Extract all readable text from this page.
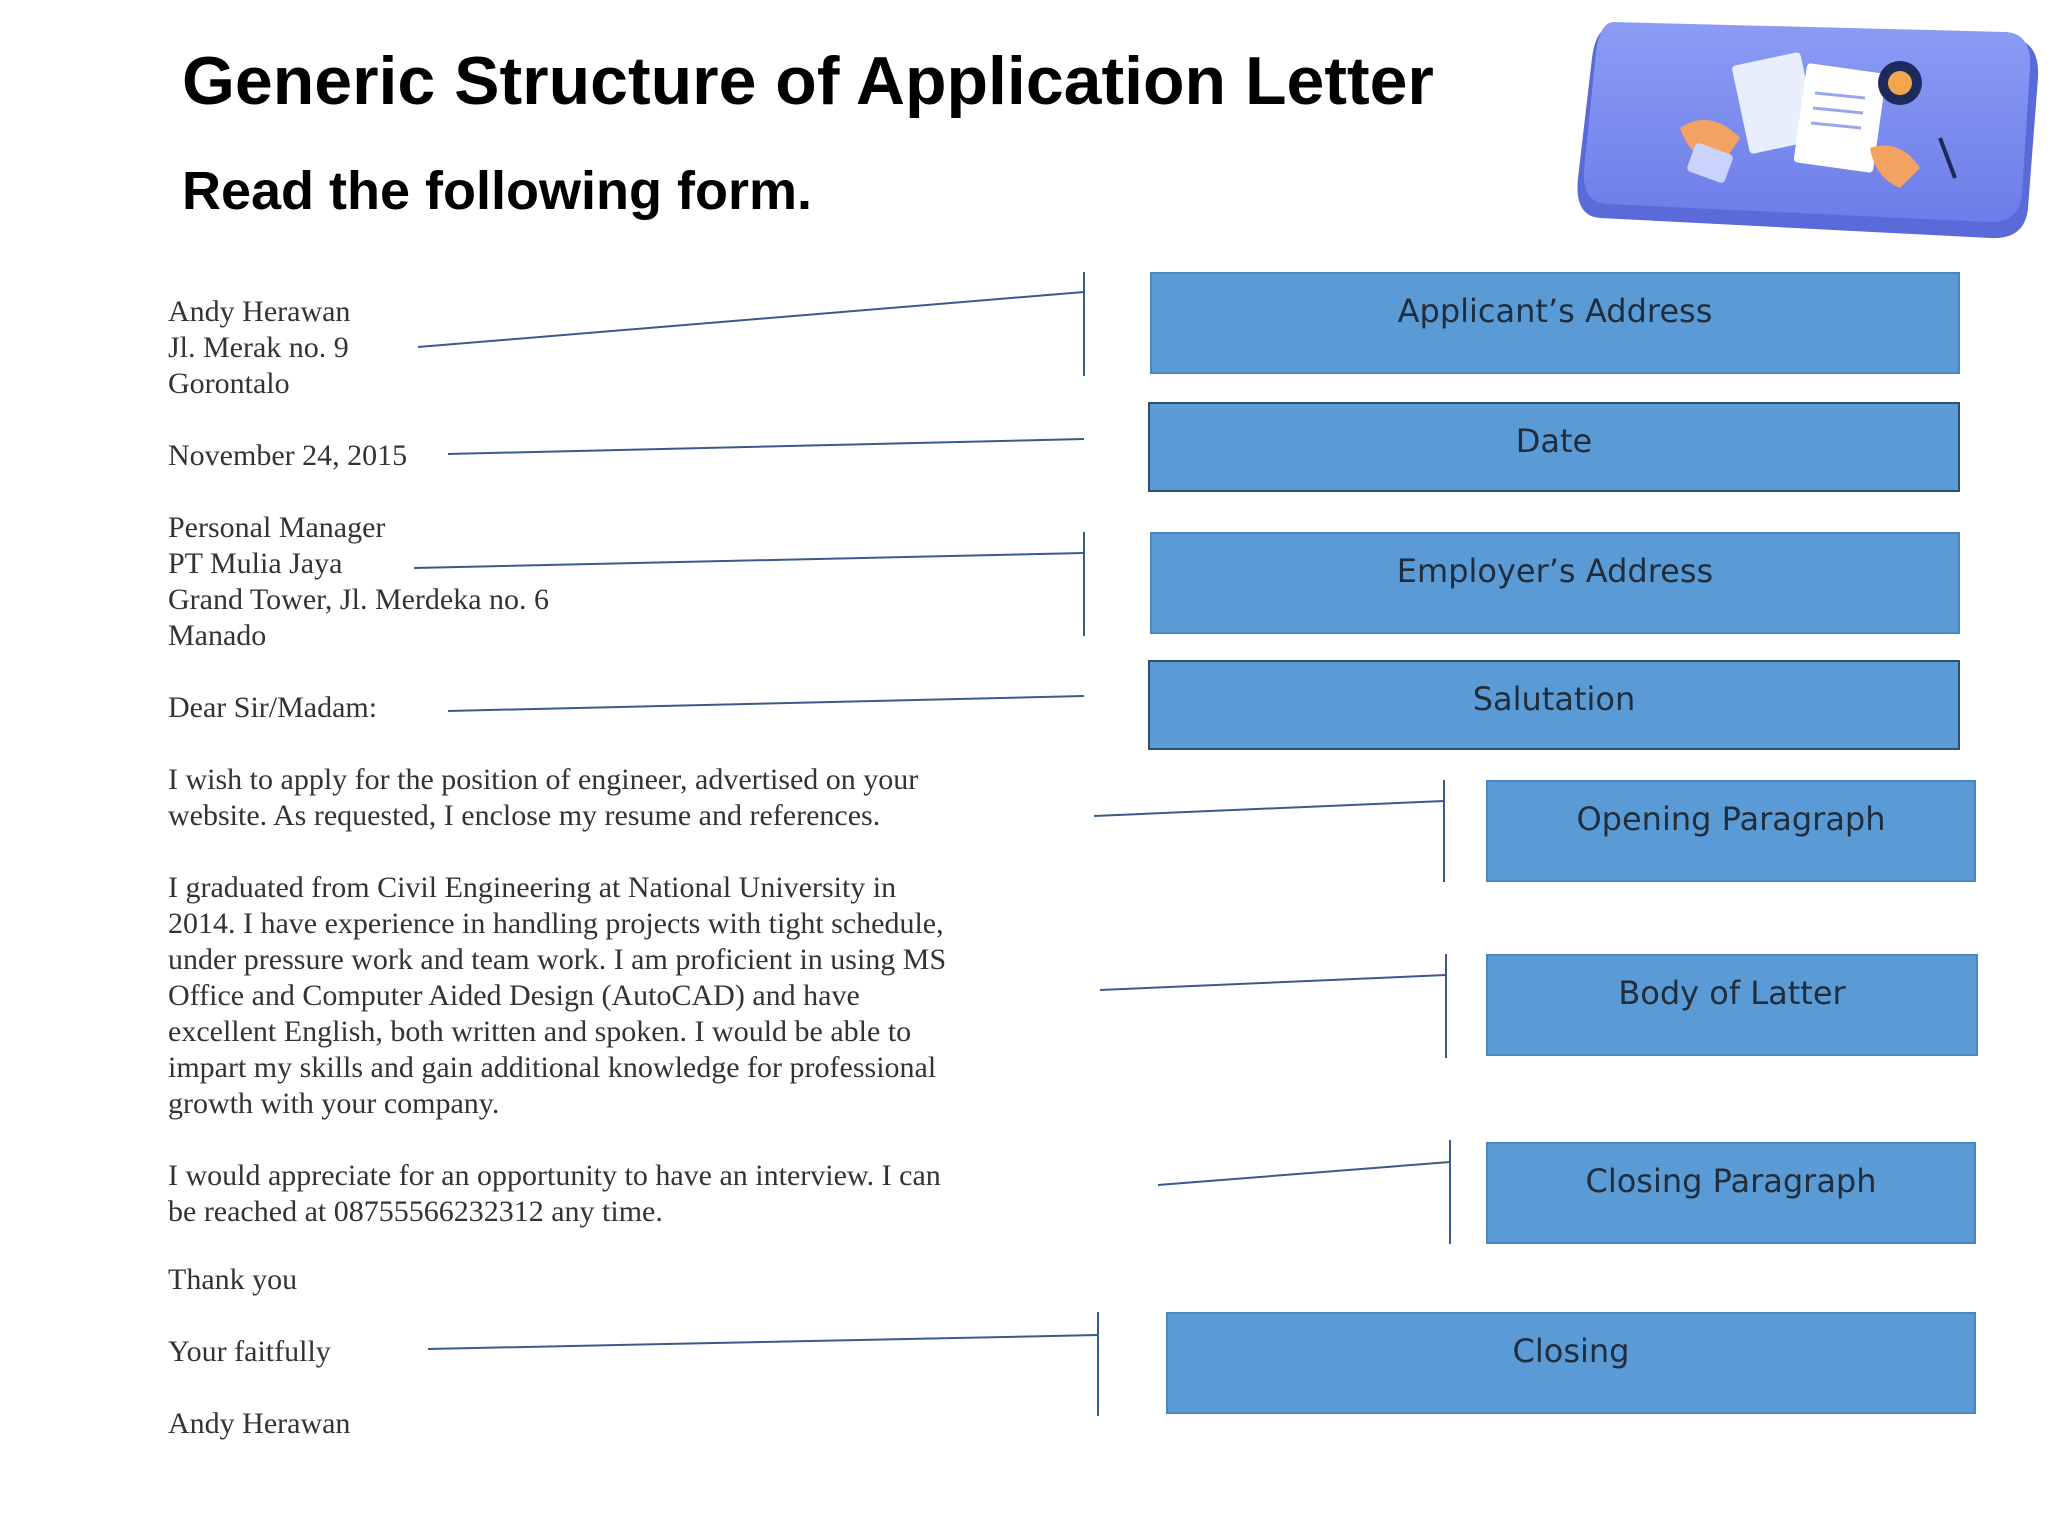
Generic Structure of Application Letter
Read the following form.
Andy Herawan
Jl. Merak no. 9
Gorontalo
November 24, 2015
Personal Manager
PT Mulia Jaya
Grand Tower, Jl. Merdeka no. 6
Manado
Dear Sir/Madam:
I wish to apply for the position of engineer, advertised on your
website. As requested, I enclose my resume and references.
I graduated from Civil Engineering at National University in
2014. I have experience in handling projects with tight schedule,
under pressure work and team work. I am proficient in using MS
Office and Computer Aided Design (AutoCAD) and have
excellent English, both written and spoken. I would be able to
impart my skills and gain additional knowledge for professional
growth with your company.
I would appreciate for an opportunity to have an interview. I can
be reached at 08755566232312 any time.
Thank you
Your faitfully
Andy Herawan
Applicant’s Address
Date
Employer’s Address
Salutation
Opening Paragraph
Body of Latter
Closing Paragraph
Closing
